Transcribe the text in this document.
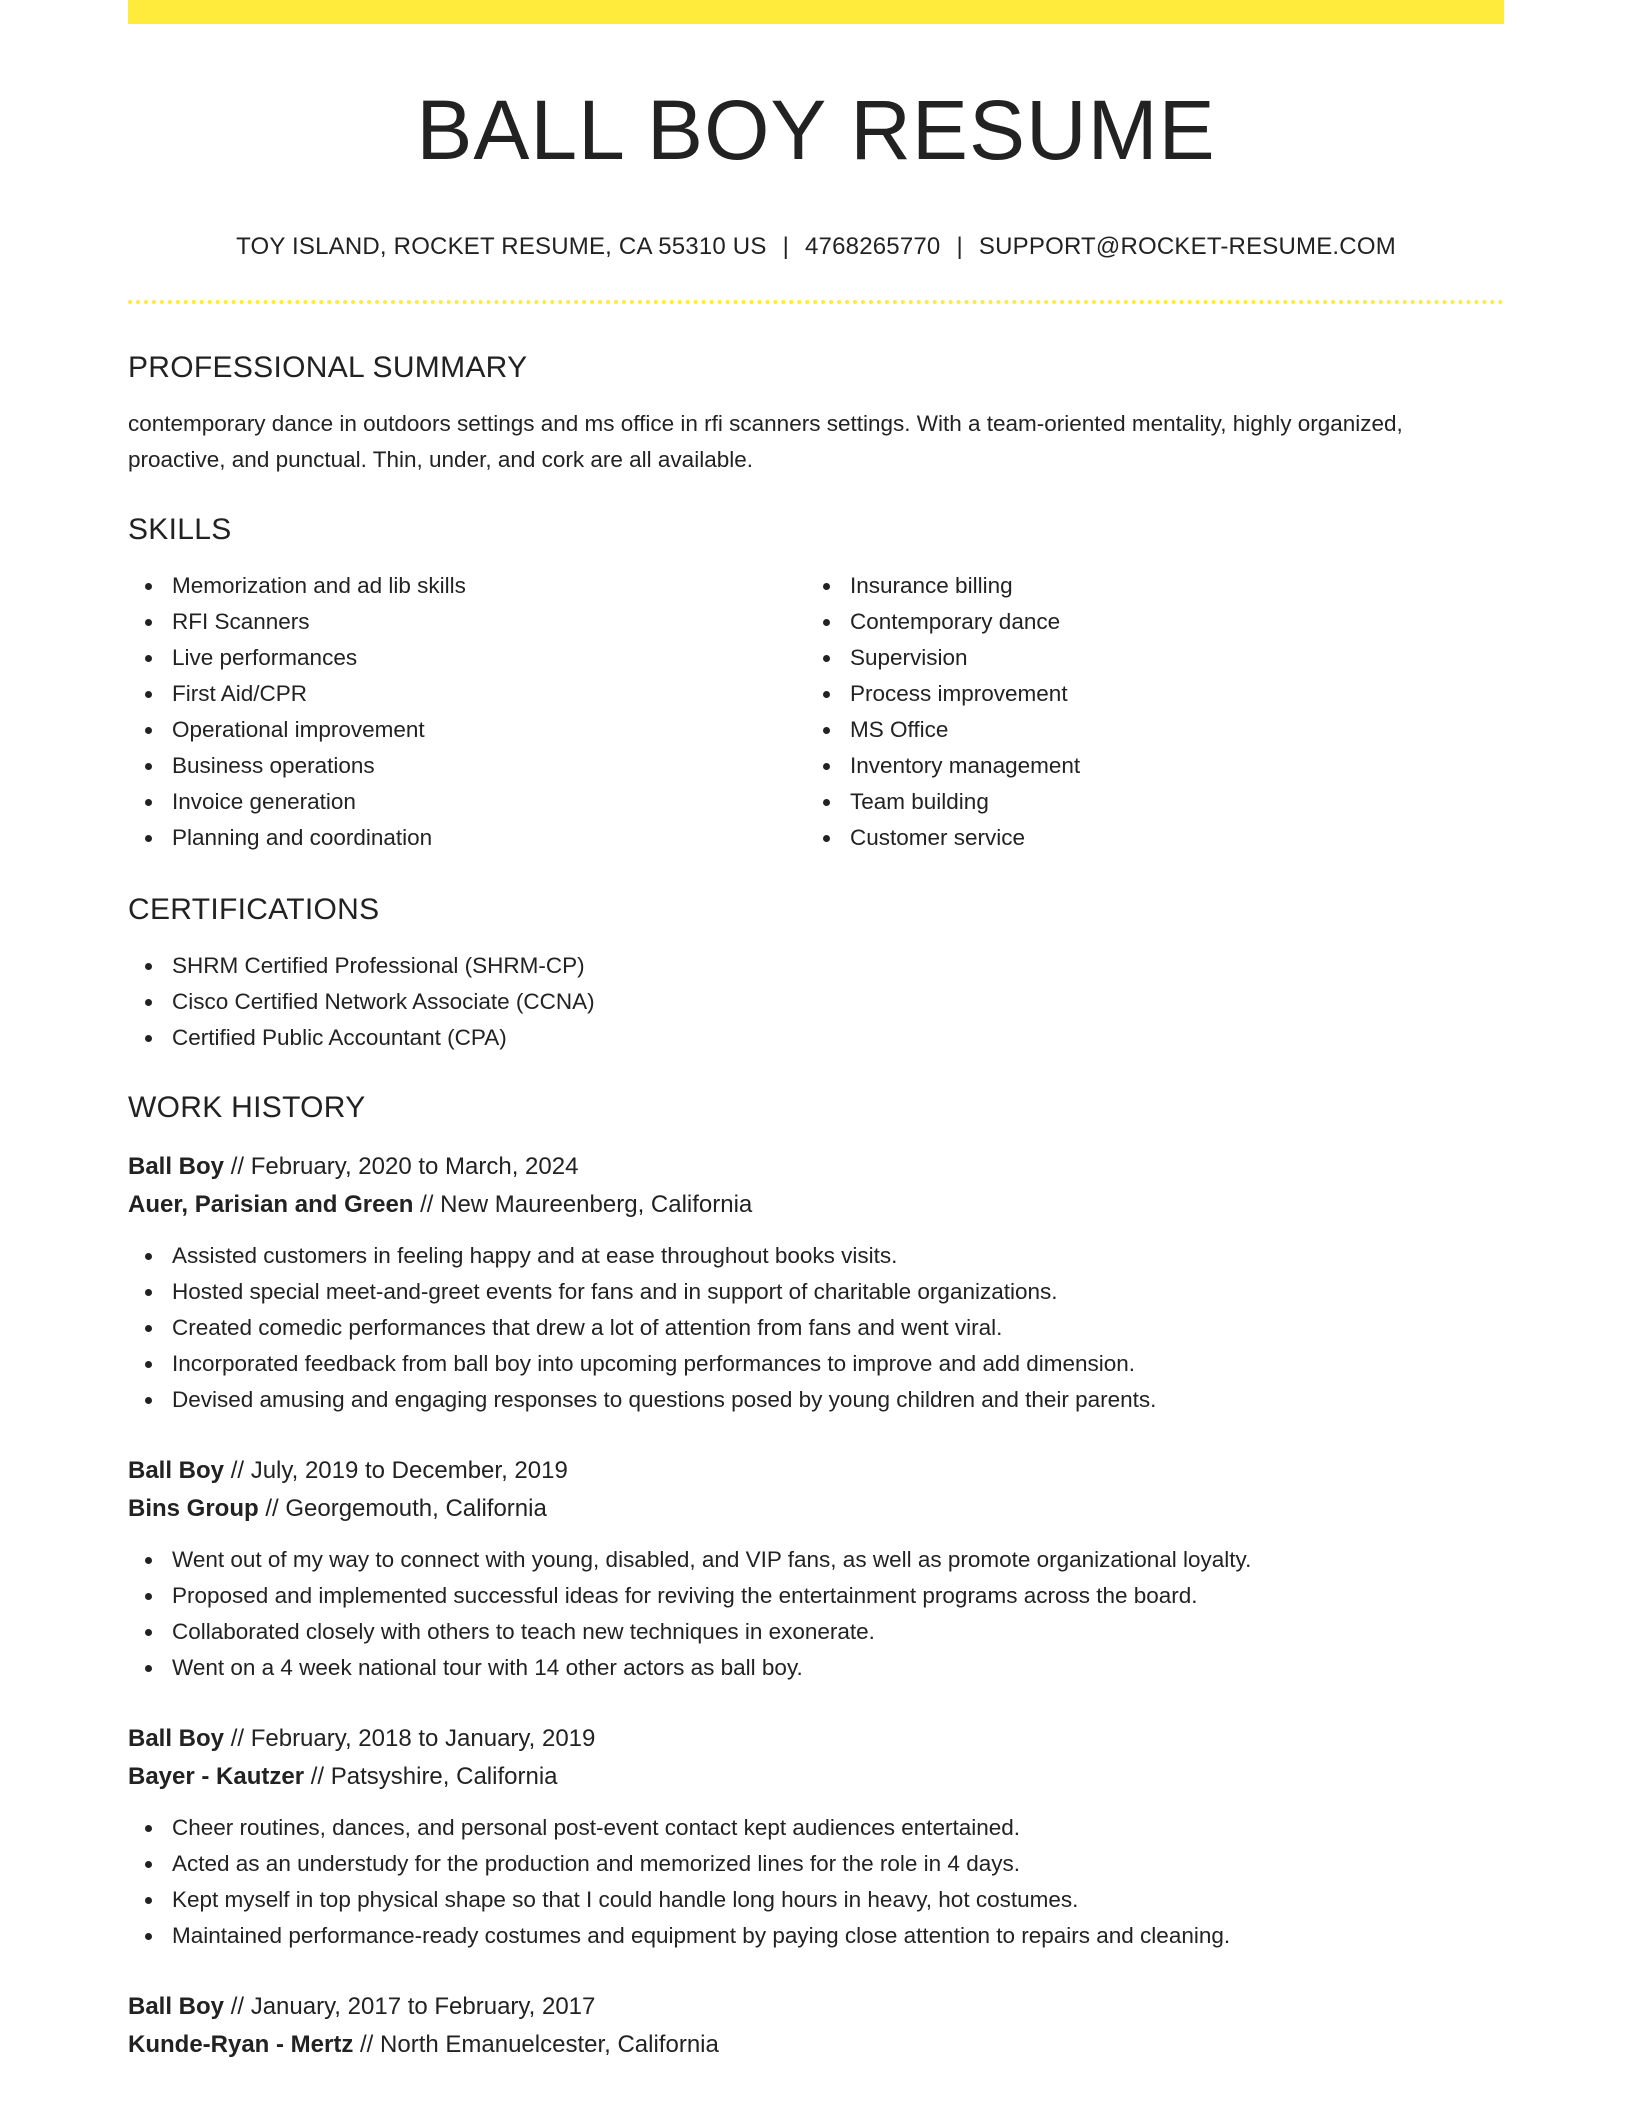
BALL BOY RESUME
TOY ISLAND, ROCKET RESUME, CA 55310 US | 4768265770 | SUPPORT@ROCKET-RESUME.COM
PROFESSIONAL SUMMARY

contemporary dance in outdoors settings and ms office in rfi scanners settings. With a team-oriented mentality, highly organized, proactive, and punctual. Thin, under, and cork are all available.

SKILLS
Memorization and ad lib skills
RFI Scanners
Live performances
First Aid/CPR
Operational improvement
Business operations
Invoice generation
Planning and coordination
Insurance billing
Contemporary dance
Supervision
Process improvement
MS Office
Inventory management
Team building
Customer service
CERTIFICATIONS
SHRM Certified Professional (SHRM-CP)
Cisco Certified Network Associate (CCNA)
Certified Public Accountant (CPA)
WORK HISTORY
Ball Boy // February, 2020 to March, 2024
Auer, Parisian and Green // New Maureenberg, California
Assisted customers in feeling happy and at ease throughout books visits.
Hosted special meet-and-greet events for fans and in support of charitable organizations.
Created comedic performances that drew a lot of attention from fans and went viral.
Incorporated feedback from ball boy into upcoming performances to improve and add dimension.
Devised amusing and engaging responses to questions posed by young children and their parents.
Ball Boy // July, 2019 to December, 2019
Bins Group // Georgemouth, California
Went out of my way to connect with young, disabled, and VIP fans, as well as promote organizational loyalty.
Proposed and implemented successful ideas for reviving the entertainment programs across the board.
Collaborated closely with others to teach new techniques in exonerate.
Went on a 4 week national tour with 14 other actors as ball boy.
Ball Boy // February, 2018 to January, 2019
Bayer - Kautzer // Patsyshire, California
Cheer routines, dances, and personal post-event contact kept audiences entertained.
Acted as an understudy for the production and memorized lines for the role in 4 days.
Kept myself in top physical shape so that I could handle long hours in heavy, hot costumes.
Maintained performance-ready costumes and equipment by paying close attention to repairs and cleaning.
Ball Boy // January, 2017 to February, 2017
Kunde-Ryan - Mertz // North Emanuelcester, California
